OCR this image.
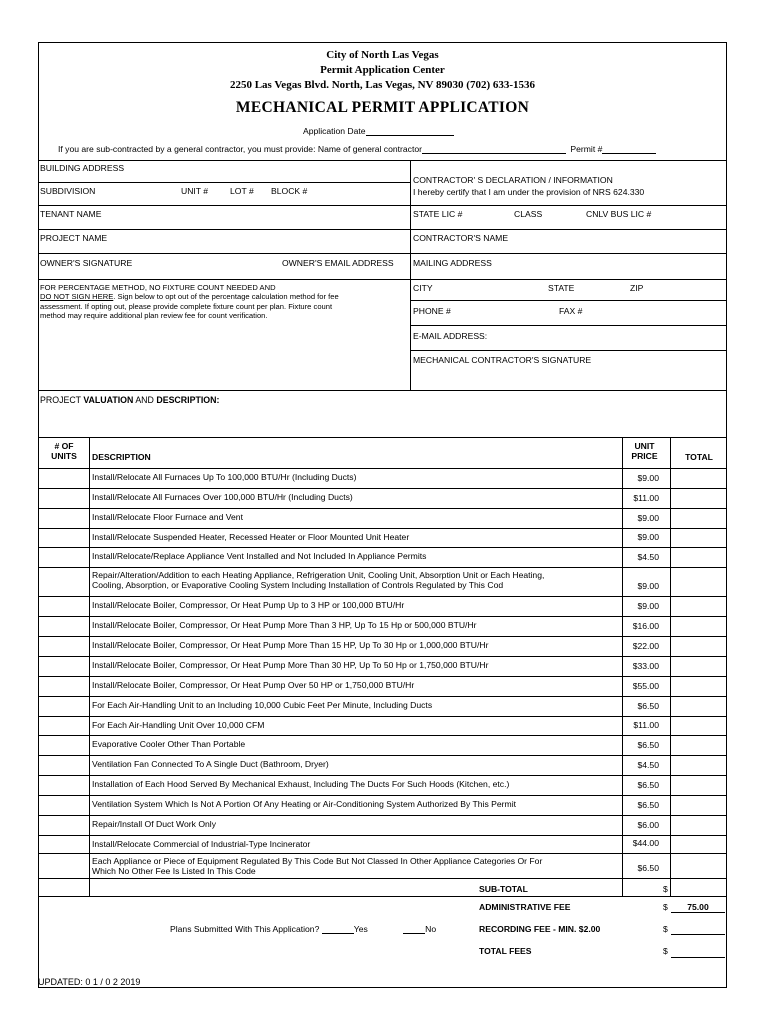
City of North Las Vegas
Permit Application Center
2250 Las Vegas Blvd. North, Las Vegas, NV 89030 (702) 633-1536
MECHANICAL PERMIT APPLICATION
Application Date
If you are sub-contracted by a general contractor, you must provide: Name of general contractor	Permit #
BUILDING ADDRESS
SUBDIVISION	UNIT #	LOT # BLOCK #
TENANT NAME
PROJECT NAME
OWNER'S SIGNATURE	OWNER'S EMAIL ADDRESS
FOR PERCENTAGE METHOD, NO FIXTURE COUNT NEEDED AND
DO NOT SIGN HERE. Sign below to opt out of the percentage calculation method for fee
assessment. If opting out, please provide complete fixture count per plan. Fixture count
method may require additional plan review fee for count verification.
CONTRACTOR' S DECLARATION / INFORMATION
I hereby certify that I am under the provision of NRS 624.330
STATE LIC #	CLASS	CNLV BUS LIC #
CONTRACTOR'S NAME
MAILING ADDRESS
CITY	STATE	ZIP
PHONE #	FAX #
E-MAIL ADDRESS:
MECHANICAL CONTRACTOR'S SIGNATURE
PROJECT VALUATION AND DESCRIPTION:
# OF
UNITS	DESCRIPTION
UNIT
PRICE	TOTAL
Install/Relocate All Furnaces Up To 100,000 BTU/Hr (Including Ducts)	$9.00
Install/Relocate All Furnaces Over 100,000 BTU/Hr (Including Ducts)	$11.00
Install/Relocate Floor Furnace and Vent	$9.00
Install/Relocate Suspended Heater, Recessed Heater or Floor Mounted Unit Heater	$9.00
Install/Relocate/Replace Appliance Vent Installed and Not Included In Appliance Permits	$4.50
Repair/Alteration/Addition to each Heating Appliance, Refrigeration Unit, Cooling Unit, Absorption Unit or Each Heating,
Cooling, Absorption, or Evaporative Cooling System Including Installation of Controls Regulated by This Cod	$9.00
Install/Relocate Boiler, Compressor, Or Heat Pump Up to 3 HP or 100,000 BTU/Hr	$9.00
Install/Relocate Boiler, Compressor, Or Heat Pump More Than 3 HP, Up To 15 Hp or 500,000 BTU/Hr	$16.00
Install/Relocate Boiler, Compressor, Or Heat Pump More Than 15 HP, Up To 30 Hp or 1,000,000 BTU/Hr	$22.00
Install/Relocate Boiler, Compressor, Or Heat Pump More Than 30 HP, Up To 50 Hp or 1,750,000 BTU/Hr	$33.00
Install/Relocate Boiler, Compressor, Or Heat Pump Over 50 HP or 1,750,000 BTU/Hr	$55.00
For Each Air-Handling Unit to an Including 10,000 Cubic Feet Per Minute, Including Ducts	$6.50
For Each Air-Handling Unit Over 10,000 CFM	$11.00
Evaporative Cooler Other Than Portable	$6.50
Ventilation Fan Connected To A Single Duct (Bathroom, Dryer)	$4.50
Installation of Each Hood Served By Mechanical Exhaust, Including The Ducts For Such Hoods (Kitchen, etc.)	$6.50
Ventilation System Which Is Not A Portion Of Any Heating or Air-Conditioning System Authorized By This Permit	$6.50
Repair/Install Of Duct Work Only	$6.00
Install/Relocate Commercial of Industrial-Type Incinerator	$44.00
Each Appliance or Piece of Equipment Regulated By This Code But Not Classed In Other Appliance Categories Or For
Which No Other Fee Is Listed In This Code	$6.50
SUB-TOTAL	$
ADMINISTRATIVE FEE	$	75.00
Plans Submitted With This Application?	Yes	No	RECORDING FEE - MIN. $2.00	$
TOTAL FEES	$
UPDATED: 0 1 / 0 2 2019
